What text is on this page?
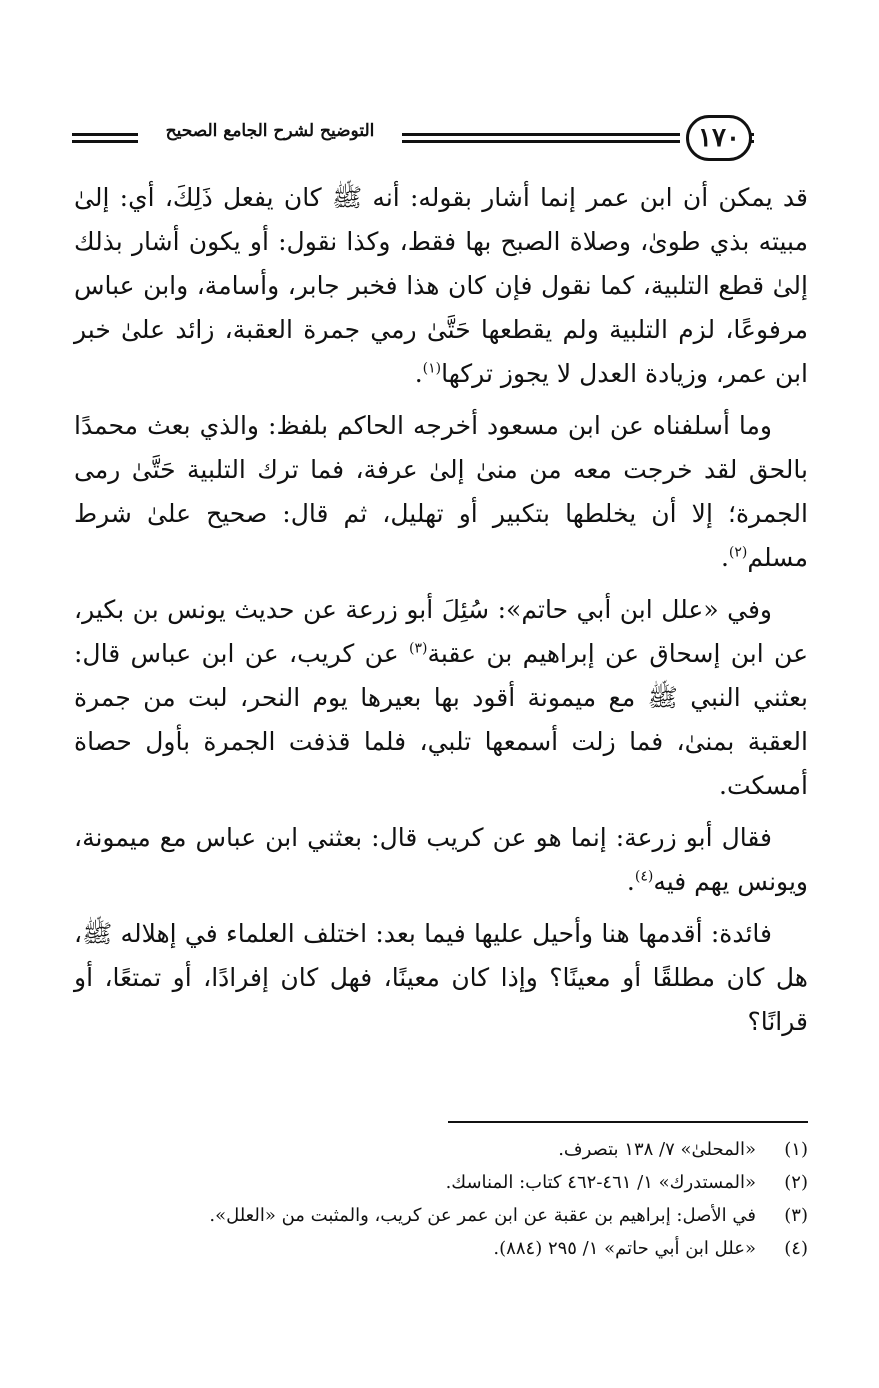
١٧٠
التوضيح لشرح الجامع الصحيح

قد يمكن أن ابن عمر إنما أشار بقوله: أنه ﷺ كان يفعل ذَلِكَ، أي: إلىٰ مبيته بذي طوىٰ، وصلاة الصبح بها فقط، وكذا نقول: أو يكون أشار بذلك إلىٰ قطع التلبية، كما نقول فإن كان هذا فخبر جابر، وأسامة، وابن عباس مرفوعًا، لزم التلبية ولم يقطعها حَتَّىٰ رمي جمرة العقبة، زائد علىٰ خبر ابن عمر، وزيادة العدل لا يجوز تركها$^{(١)}$.

وما أسلفناه عن ابن مسعود أخرجه الحاكم بلفظ: والذي بعث محمدًا بالحق لقد خرجت معه من منىٰ إلىٰ عرفة، فما ترك التلبية حَتَّىٰ رمى الجمرة؛ إلا أن يخلطها بتكبير أو تهليل، ثم قال: صحيح علىٰ شرط مسلم$^{(٢)}$.

وفي «علل ابن أبي حاتم»: سُئِلَ أبو زرعة عن حديث يونس بن بكير، عن ابن إسحاق عن إبراهيم بن عقبة$^{(٣)}$ عن كريب، عن ابن عباس قال: بعثني النبي ﷺ مع ميمونة أقود بها بعيرها يوم النحر، لبت من جمرة العقبة بمنىٰ، فما زلت أسمعها تلبي، فلما قذفت الجمرة بأول حصاة أمسكت.

فقال أبو زرعة: إنما هو عن كريب قال: بعثني ابن عباس مع ميمونة، ويونس يهم فيه$^{(٤)}$.

فائدة: أقدمها هنا وأحيل عليها فيما بعد: اختلف العلماء في إهلاله ﷺ، هل كان مطلقًا أو معينًا؟ وإذا كان معينًا، فهل كان إفرادًا، أو تمتعًا، أو قرانًا؟

(١)
«المحلىٰ» ٧/ ١٣٨ بتصرف.
(٢)
«المستدرك» ١/ ٤٦١-٤٦٢ كتاب: المناسك.
(٣)
في الأصل: إبراهيم بن عقبة عن ابن عمر عن كريب، والمثبت من «العلل».
(٤)
«علل ابن أبي حاتم» ١/ ٢٩٥ (٨٨٤).
